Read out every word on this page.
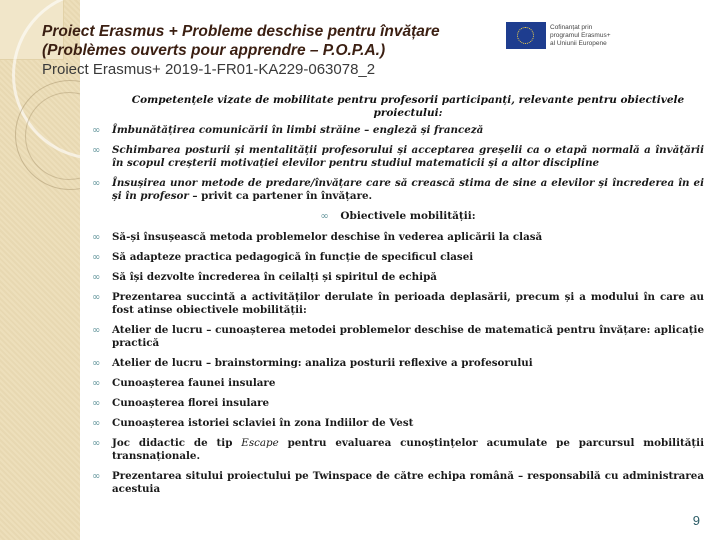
Proiect Erasmus + Probleme deschise pentru învățare
(Problèmes ouverts pour apprendre – P.O.P.A.)
Proiect Erasmus+ 2019-1-FR01-KA229-063078_2
Cofinanțat prin
programul Erasmus+
al Uniunii Europene
Competențele vizate de mobilitate pentru profesorii participanți, relevante pentru obiectivele proiectului:
∞ Îmbunătățirea comunicării în limbi străine – engleză și franceză
∞ Schimbarea posturii și mentalității profesorului și acceptarea greșelii ca o etapă normală a învățării în scopul creșterii motivației elevilor pentru studiul matematicii și a altor discipline
∞ Însușirea unor metode de predare/învățare care să crească stima de sine a elevilor și încrederea în ei și în profesor – privit ca partener în învățare.
∞ Obiectivele mobilității:
∞ Să-și însușească metoda problemelor deschise în vederea aplicării la clasă
∞ Să adapteze practica pedagogică în funcție de specificul clasei
∞ Să își dezvolte încrederea în ceilalți și spiritul de echipă
∞ Prezentarea succintă a activităților derulate în perioada deplasării, precum și a modului în care au fost atinse obiectivele mobilității:
∞ Atelier de lucru – cunoașterea metodei problemelor deschise de matematică pentru învățare: aplicație practică
∞ Atelier de lucru – brainstorming: analiza posturii reflexive a profesorului
∞ Cunoașterea faunei insulare
∞ Cunoașterea florei insulare
∞ Cunoașterea istoriei sclaviei în zona Indiilor de Vest
∞ Joc didactic de tip Escape pentru evaluarea cunoștințelor acumulate pe parcursul mobilității transnaționale.
∞ Prezentarea sitului proiectului pe Twinspace de către echipa română – responsabilă cu administrarea acestuia
9
